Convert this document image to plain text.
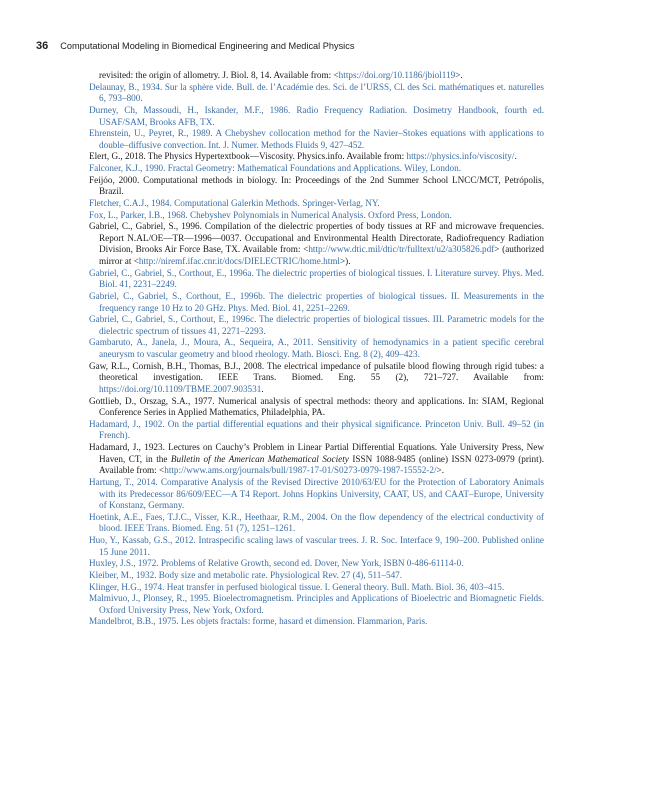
36 Computational Modeling in Biomedical Engineering and Medical Physics

revisited: the origin of allometry. J. Biol. 8, 14. Available from: <https://doi.org/10.1186/jbiol119>.

Delaunay, B., 1934. Sur la sphère vide. Bull. de. l’Académie des. Sci. de l’URSS, Cl. des Sci. mathématiques et. naturelles 6, 793–800.

Durney, Ch, Massoudi, H., Iskander, M.F., 1986. Radio Frequency Radiation. Dosimetry Handbook, fourth ed. USAF/SAM, Brooks AFB, TX.

Ehrenstein, U., Peyret, R., 1989. A Chebyshev collocation method for the Navier–Stokes equations with applications to double–diffusive convection. Int. J. Numer. Methods Fluids 9, 427–452.

Elert, G., 2018. The Physics Hypertextbook—Viscosity. Physics.info. Available from: https://physics.info/viscosity/.

Falconer, K.J., 1990. Fractal Geometry: Mathematical Foundations and Applications. Wiley, London.

Feijóo, 2000. Computational methods in biology. In: Proceedings of the 2nd Summer School LNCC/MCT, Petrópolis, Brazil.

Fletcher, C.A.J., 1984. Computational Galerkin Methods. Springer-Verlag, NY.

Fox, L., Parker, I.B., 1968. Chebyshev Polynomials in Numerical Analysis. Oxford Press, London.

Gabriel, C., Gabriel, S., 1996. Compilation of the dielectric properties of body tissues at RF and microwave frequencies. Report N.AL/OE—TR—1996—0037. Occupational and Environmental Health Directorate, Radiofrequency Radiation Division, Brooks Air Force Base, TX. Available from: <http://www.dtic.mil/dtic/tr/fulltext/u2/a305826.pdf> (authorized mirror at <http://niremf.ifac.cnr.it/docs/DIELECTRIC/home.html>).

Gabriel, C., Gabriel, S., Corthout, E., 1996a. The dielectric properties of biological tissues. I. Literature survey. Phys. Med. Biol. 41, 2231–2249.

Gabriel, C., Gabriel, S., Corthout, E., 1996b. The dielectric properties of biological tissues. II. Measurements in the frequency range 10 Hz to 20 GHz. Phys. Med. Biol. 41, 2251–2269.

Gabriel, C., Gabriel, S., Corthout, E., 1996c. The dielectric properties of biological tissues. III. Parametric models for the dielectric spectrum of tissues 41, 2271–2293.

Gambaruto, A., Janela, J., Moura, A., Sequeira, A., 2011. Sensitivity of hemodynamics in a patient specific cerebral aneurysm to vascular geometry and blood rheology. Math. Biosci. Eng. 8 (2), 409–423.

Gaw, R.L., Cornish, B.H., Thomas, B.J., 2008. The electrical impedance of pulsatile blood flowing through rigid tubes: a theoretical investigation. IEEE Trans. Biomed. Eng. 55 (2), 721–727. Available from: https://doi.org/10.1109/TBME.2007.903531.

Gottlieb, D., Orszag, S.A., 1977. Numerical analysis of spectral methods: theory and applications. In: SIAM, Regional Conference Series in Applied Mathematics, Philadelphia, PA.

Hadamard, J., 1902. On the partial differential equations and their physical significance. Princeton Univ. Bull. 49–52 (in French).

Hadamard, J., 1923. Lectures on Cauchy’s Problem in Linear Partial Differential Equations. Yale University Press, New Haven, CT, in the Bulletin of the American Mathematical Society ISSN 1088-9485 (online) ISSN 0273-0979 (print). Available from: <http://www.ams.org/journals/bull/1987-17-01/S0273-0979-1987-15552-2/>.

Hartung, T., 2014. Comparative Analysis of the Revised Directive 2010/63/EU for the Protection of Laboratory Animals with its Predecessor 86/609/EEC—A T4 Report. Johns Hopkins University, CAAT, US, and CAAT–Europe, University of Konstanz, Germany.

Hoetink, A.E., Faes, T.J.C., Visser, K.R., Heethaar, R.M., 2004. On the flow dependency of the electrical conductivity of blood. IEEE Trans. Biomed. Eng. 51 (7), 1251–1261.

Huo, Y., Kassab, G.S., 2012. Intraspecific scaling laws of vascular trees. J. R. Soc. Interface 9, 190–200. Published online 15 June 2011.

Huxley, J.S., 1972. Problems of Relative Growth, second ed. Dover, New York, ISBN 0-486-61114-0.

Kleiber, M., 1932. Body size and metabolic rate. Physiological Rev. 27 (4), 511–547.

Klinger, H.G., 1974. Heat transfer in perfused biological tissue. I. General theory. Bull. Math. Biol. 36, 403–415.

Malmivuo, J., Plonsey, R., 1995. Bioelectromagnetism. Principles and Applications of Bioelectric and Biomagnetic Fields. Oxford University Press, New York, Oxford.

Mandelbrot, B.B., 1975. Les objets fractals: forme, hasard et dimension. Flammarion, Paris.
